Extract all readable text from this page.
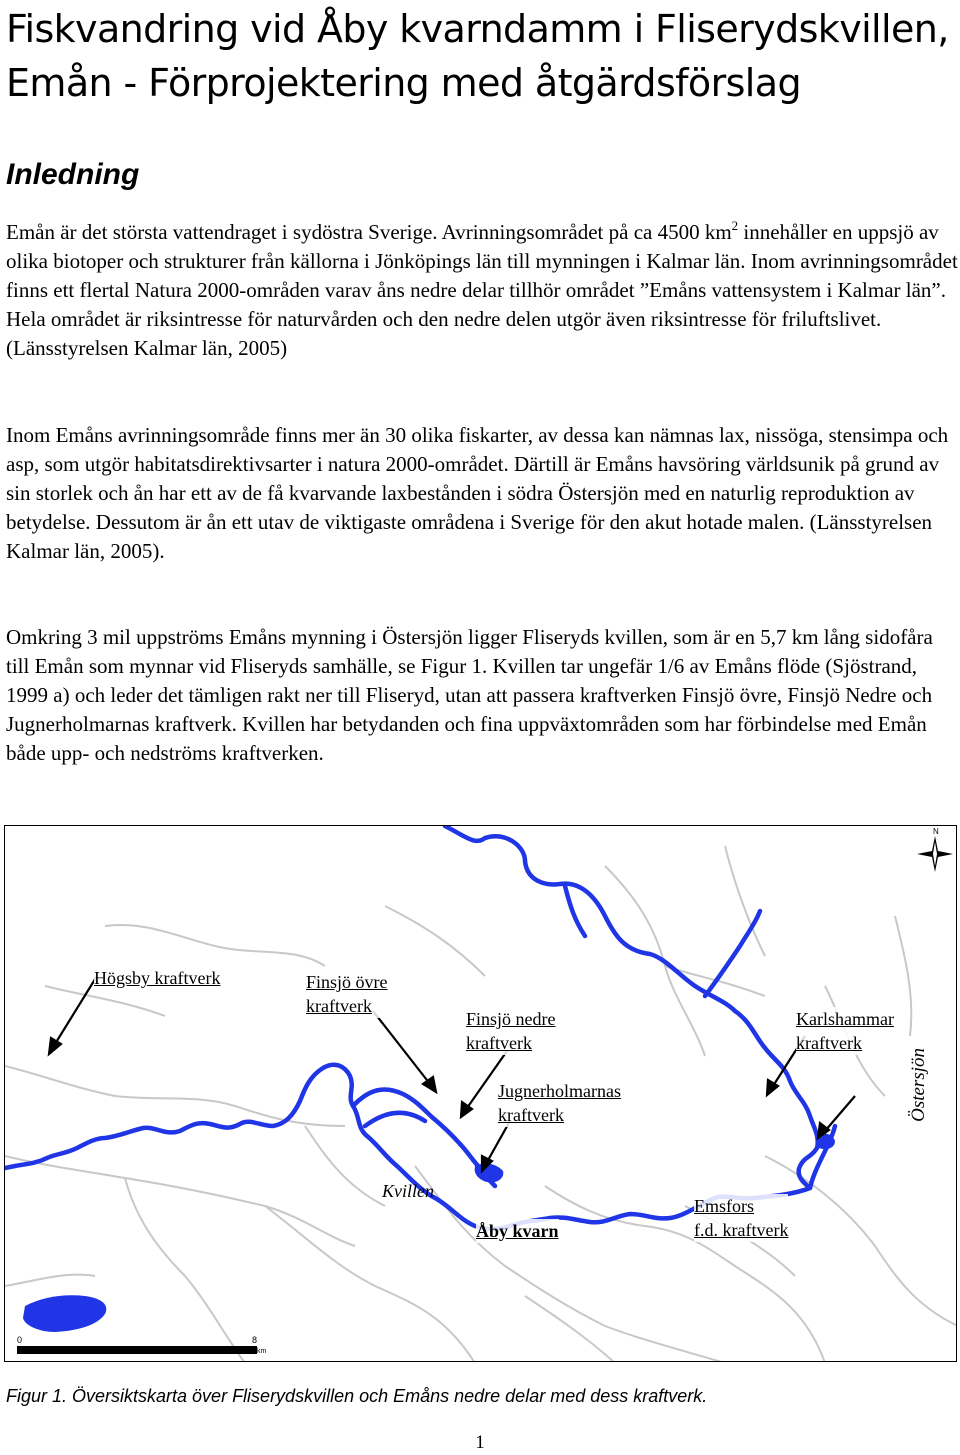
Fiskvandring vid Åby kvarndamm i Fliserydskvillen,
Emån - Förprojektering med åtgärdsförslag
Inledning

Emån är det största vattendraget i sydöstra Sverige. Avrinningsområdet på ca 4500 $km^2$ innehåller en uppsjö av olika biotoper och strukturer från källorna i Jönköpings län till mynningen i Kalmar län. Inom avrinningsområdet finns ett flertal Natura 2000-områden varav åns nedre delar tillhör området ”Emåns vattensystem i Kalmar län”. Hela området är riksintresse för naturvården och den nedre delen utgör även riksintresse för friluftslivet. (Länsstyrelsen Kalmar län, 2005)

Inom Emåns avrinningsområde finns mer än 30 olika fiskarter, av dessa kan nämnas lax, nissöga, stensimpa och asp, som utgör habitatsdirektivsarter i natura 2000-området. Därtill är Emåns havsöring världsunik på grund av sin storlek och ån har ett av de få kvarvande laxbestånden i södra Östersjön med en naturlig reproduktion av betydelse. Dessutom är ån ett utav de viktigaste områdena i Sverige för den akut hotade malen. (Länsstyrelsen Kalmar län, 2005).

Omkring 3 mil uppströms Emåns mynning i Östersjön ligger Fliseryds kvillen, som är en 5,7 km lång sidofåra till Emån som mynnar vid Fliseryds samhälle, se Figur 1. Kvillen tar ungefär 1/6 av Emåns flöde (Sjöstrand, 1999 a) och leder det tämligen rakt ner till Fliseryd, utan att passera kraftverken Finsjö övre, Finsjö Nedre och Jugnerholmarnas kraftverk. Kvillen har betydanden och fina uppväxtområden som har förbindelse med Emån både upp- och nedströms kraftverken.

N
0	8
km
Högsby kraftverk	Finsjö övre
kraftverk
Finsjö nedre
kraftverk
Karlshammar
kraftverk
Jugnerholmarnas
kraftverk
Kvillen
Åby kvarn
Emsfors
f.d. kraftverk
Östersjön

Figur 1. Översiktskarta över Fliserydskvillen och Emåns nedre delar med dess kraftverk.

1
